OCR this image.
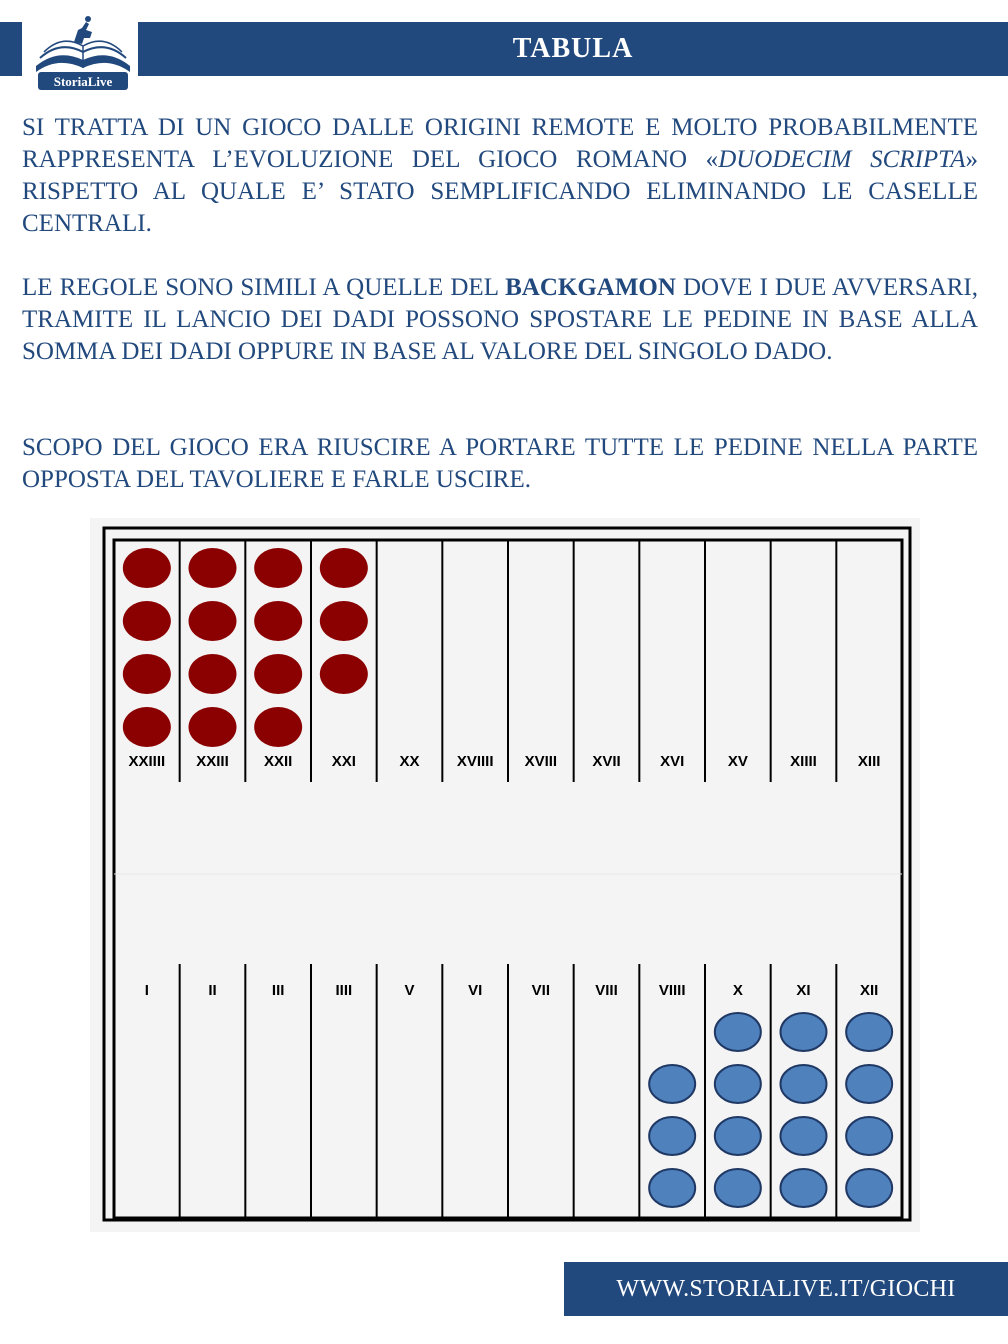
TABULA
StoriaLive

SI TRATTA DI UN GIOCO DALLE ORIGINI REMOTE E MOLTO PROBABILMENTE RAPPRESENTA L’EVOLUZIONE DEL GIOCO ROMANO «DUODECIM SCRIPTA» RISPETTO AL QUALE E’ STATO SEMPLIFICANDO ELIMINANDO LE CASELLE CENTRALI.

LE REGOLE SONO SIMILI A QUELLE DEL BACKGAMON DOVE I DUE AVVERSARI, TRAMITE IL LANCIO DEI DADI POSSONO SPOSTARE LE PEDINE IN BASE ALLA SOMMA DEI DADI OPPURE IN BASE AL VALORE DEL SINGOLO DADO.

SCOPO DEL GIOCO ERA RIUSCIRE A PORTARE TUTTE LE PEDINE NELLA PARTE OPPOSTA DEL TAVOLIERE E FARLE USCIRE.

XXIIII XXIII XXII	XXI	XX XVIIII XVIII XVII	XVI	XV	XIIII	XIII
I	II	III	IIII	V	VI	VII	VIII	VIIII	X	XI	XII
WWW.STORIALIVE.IT/GIOCHI
